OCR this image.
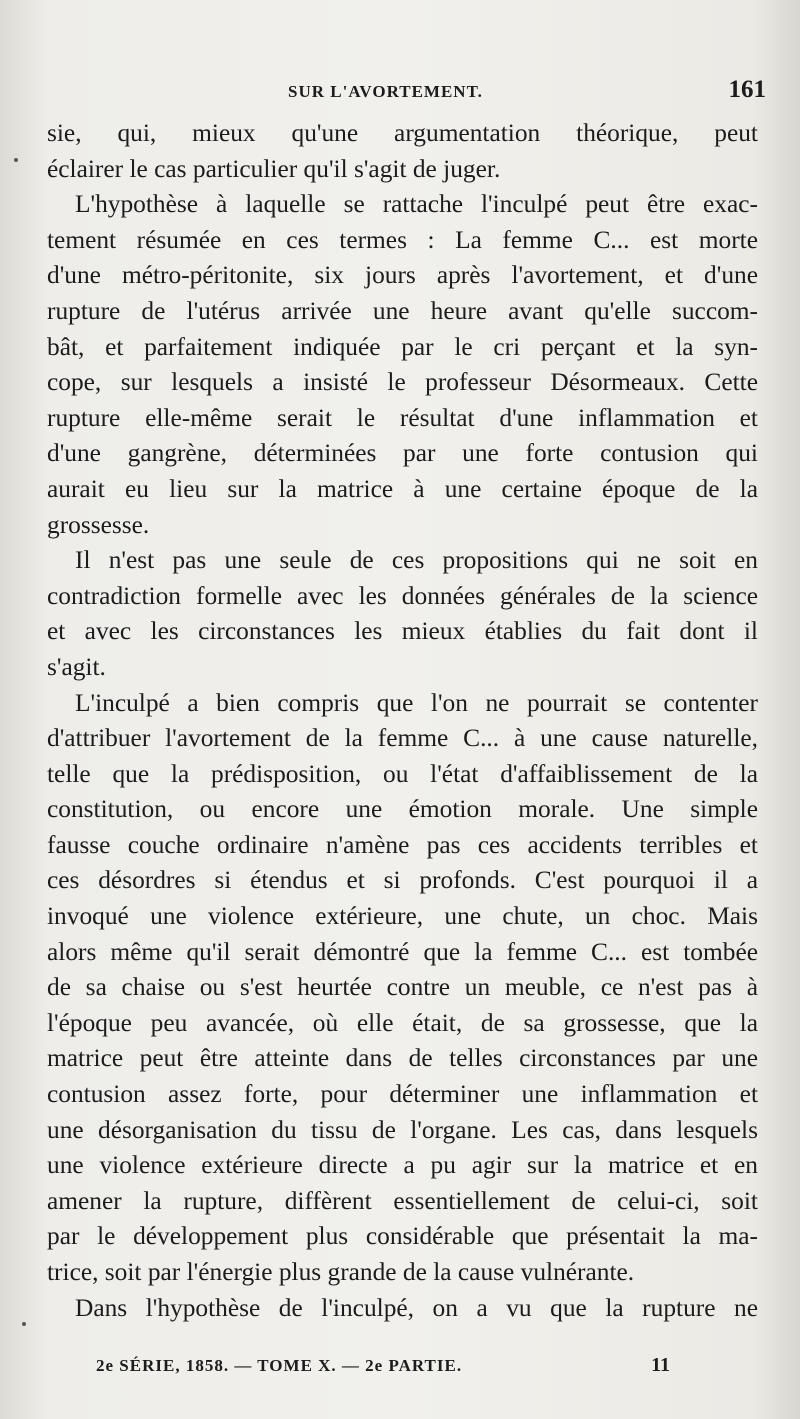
SUR L'AVORTEMENT.	161
sie, qui, mieux qu'une argumentation théorique, peut
éclairer le cas particulier qu'il s'agit de juger.
L'hypothèse à laquelle se rattache l'inculpé peut être exac-
tement résumée en ces termes : La femme C... est morte
d'une métro-péritonite, six jours après l'avortement, et d'une
rupture de l'utérus arrivée une heure avant qu'elle succom-
bât, et parfaitement indiquée par le cri perçant et la syn-
cope, sur lesquels a insisté le professeur Désormeaux. Cette
rupture elle-même serait le résultat d'une inflammation et
d'une gangrène, déterminées par une forte contusion qui
aurait eu lieu sur la matrice à une certaine époque de la
grossesse.
Il n'est pas une seule de ces propositions qui ne soit en
contradiction formelle avec les données générales de la science
et avec les circonstances les mieux établies du fait dont il
s'agit.
L'inculpé a bien compris que l'on ne pourrait se contenter
d'attribuer l'avortement de la femme C... à une cause naturelle,
telle que la prédisposition, ou l'état d'affaiblissement de la
constitution, ou encore une émotion morale. Une simple
fausse couche ordinaire n'amène pas ces accidents terribles et
ces désordres si étendus et si profonds. C'est pourquoi il a
invoqué une violence extérieure, une chute, un choc. Mais
alors même qu'il serait démontré que la femme C... est tombée
de sa chaise ou s'est heurtée contre un meuble, ce n'est pas à
l'époque peu avancée, où elle était, de sa grossesse, que la
matrice peut être atteinte dans de telles circonstances par une
contusion assez forte, pour déterminer une inflammation et
une désorganisation du tissu de l'organe. Les cas, dans lesquels
une violence extérieure directe a pu agir sur la matrice et en
amener la rupture, diffèrent essentiellement de celui-ci, soit
par le développement plus considérable que présentait la ma-
trice, soit par l'énergie plus grande de la cause vulnérante.
Dans l'hypothèse de l'inculpé, on a vu que la rupture ne
2e SÉRIE, 1858. — TOME X. — 2e PARTIE.	11
